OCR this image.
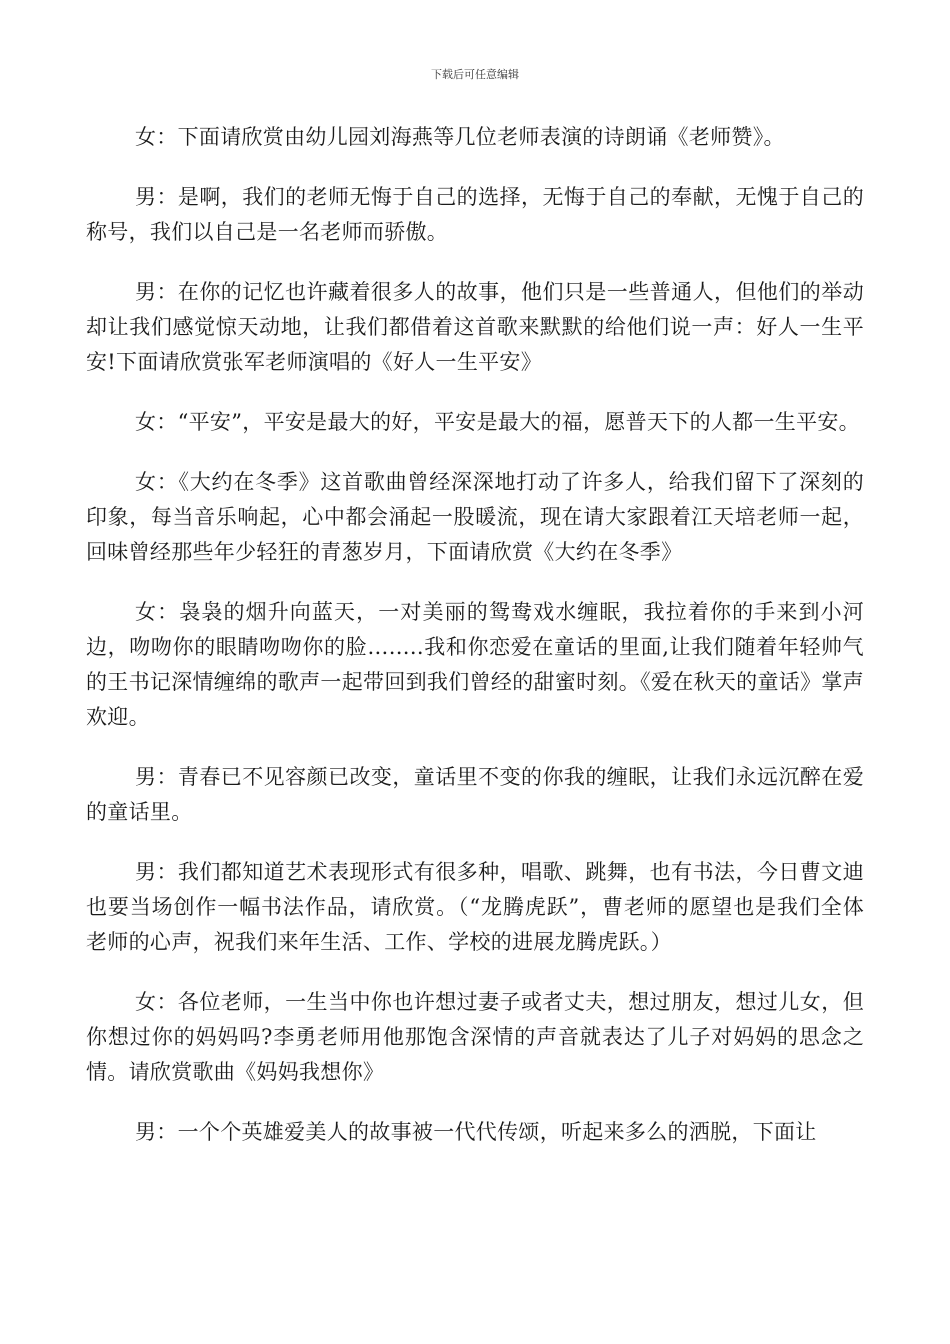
下载后可任意编辑

女：下面请欣赏由幼儿园刘海燕等几位老师表演的诗朗诵《老师赞》。

男：是啊，我们的老师无悔于自己的选择，无悔于自己的奉献，无愧于自己的称号，我们以自己是一名老师而骄傲。

男：在你的记忆也许藏着很多人的故事，他们只是一些普通人，但他们的举动却让我们感觉惊天动地，让我们都借着这首歌来默默的给他们说一声：好人一生平安!下面请欣赏张军老师演唱的《好人一生平安》

女：“平安”，平安是最大的好，平安是最大的福，愿普天下的人都一生平安。

女：《大约在冬季》这首歌曲曾经深深地打动了许多人，给我们留下了深刻的印象，每当音乐响起，心中都会涌起一股暖流，现在请大家跟着江天培老师一起，回味曾经那些年少轻狂的青葱岁月，下面请欣赏《大约在冬季》

女：袅袅的烟升向蓝天，一对美丽的鸳鸯戏水缠眠，我拉着你的手来到小河边，吻吻你的眼睛吻吻你的脸……..我和你恋爱在童话的里面,让我们随着年轻帅气的王书记深情缠绵的歌声一起带回到我们曾经的甜蜜时刻。《爱在秋天的童话》掌声欢迎。

男：青春已不见容颜已改变，童话里不变的你我的缠眠，让我们永远沉醉在爱的童话里。

男：我们都知道艺术表现形式有很多种，唱歌、跳舞，也有书法，今日曹文迪也要当场创作一幅书法作品，请欣赏。（“龙腾虎跃”，曹老师的愿望也是我们全体老师的心声，祝我们来年生活、工作、学校的进展龙腾虎跃。）

女：各位老师，一生当中你也许想过妻子或者丈夫，想过朋友，想过儿女，但你想过你的妈妈吗?李勇老师用他那饱含深情的声音就表达了儿子对妈妈的思念之情。请欣赏歌曲《妈妈我想你》

男：一个个英雄爱美人的故事被一代代传颂，听起来多么的洒脱，下面让
